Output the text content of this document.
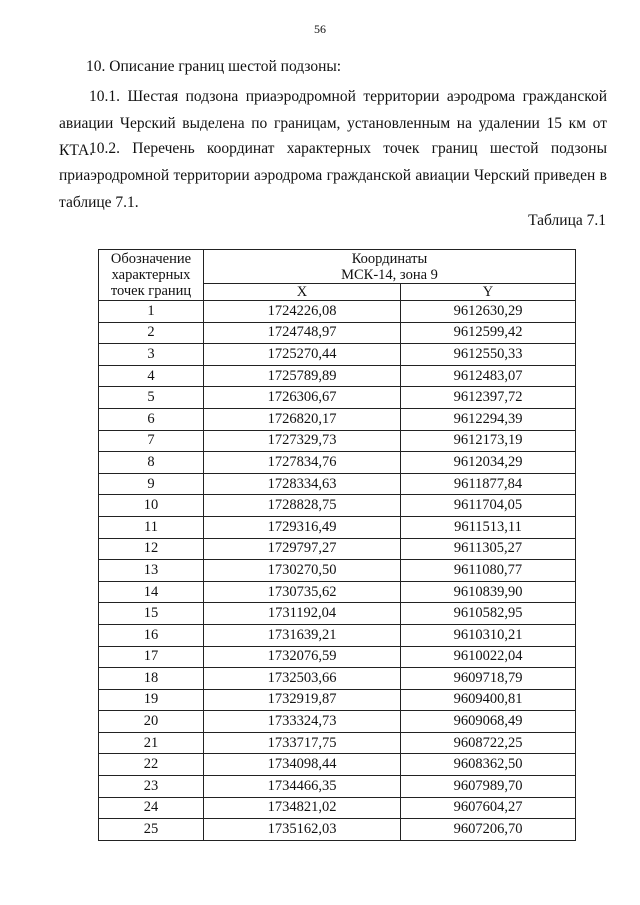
56
10. Описание границ шестой подзоны:
10.1. Шестая подзона приаэродромной территории аэродрома гражданской авиации Черский выделена по границам, установленным на удалении 15 км от КТА.
10.2. Перечень координат характерных точек границ шестой подзоны приаэродромной территории аэродрома гражданской авиации Черский приведен в таблице 7.1.
Таблица 7.1
Обозначение характерных точек границ	Координаты
МСК-14, зона 9	

	X	Y
1	1724226,08	9612630,29
2	1724748,97	9612599,42
3	1725270,44	9612550,33
4	1725789,89	9612483,07
5	1726306,67	9612397,72
6	1726820,17	9612294,39
7	1727329,73	9612173,19
8	1727834,76	9612034,29
9	1728334,63	9611877,84
10	1728828,75	9611704,05
11	1729316,49	9611513,11
12	1729797,27	9611305,27
13	1730270,50	9611080,77
14	1730735,62	9610839,90
15	1731192,04	9610582,95
16	1731639,21	9610310,21
17	1732076,59	9610022,04
18	1732503,66	9609718,79
19	1732919,87	9609400,81
20	1733324,73	9609068,49
21	1733717,75	9608722,25
22	1734098,44	9608362,50
23	1734466,35	9607989,70
24	1734821,02	9607604,27
25	1735162,03	9607206,70
